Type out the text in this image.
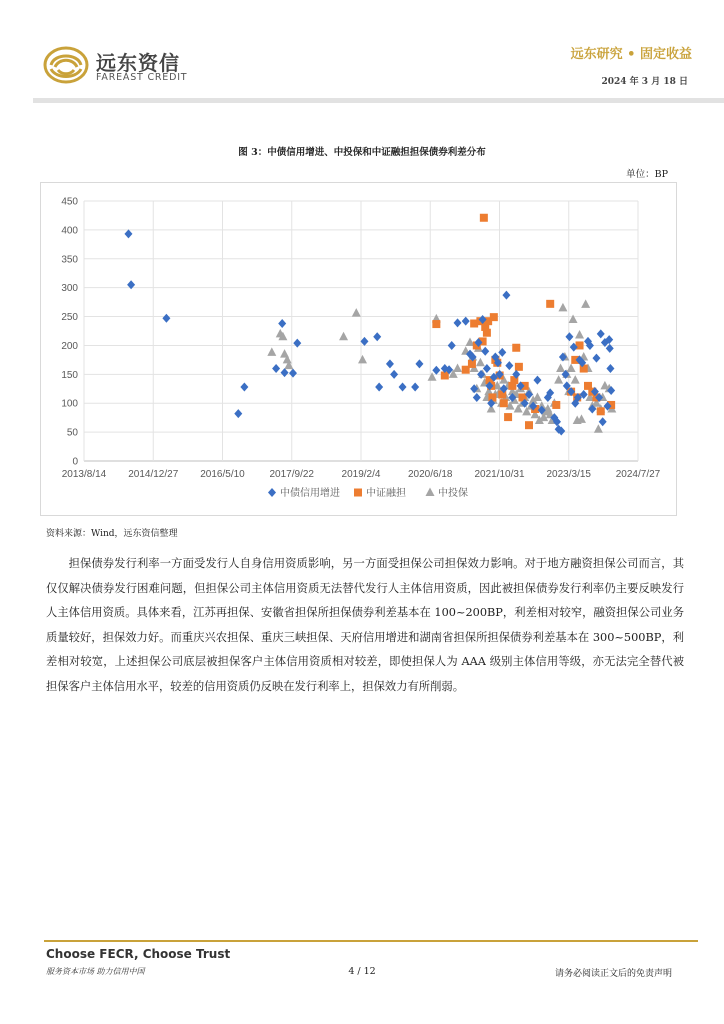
远东资信
FAREAST CREDIT
远东研究 • 固定收益
2024 年 3 月 18 日
图 3：中债信用增进、中投保和中证融担担保债券利差分布
单位：BP
0
50
100
150
200
250
300
350
400
450
2013/8/14 2014/12/27 2016/5/10 2017/9/22	2019/2/4	2020/6/18 2021/10/31 2023/3/15 2024/7/27
中债信用增进	中证融担	中投保
资料来源：Wind，远东资信整理
担保债券发行利率一方面受发行人自身信用资质影响，另一方面受担保公司担保效力影响。对于地方融资担保公司而言，其仅仅解决债券发行困难问题，但担保公司主体信用资质无法替代发行人主体信用资质，因此被担保债券发行利率仍主要反映发行人主体信用资质。具体来看，江苏再担保、安徽省担保所担保债券利差基本在 100~200BP，利差相对较窄，融资担保公司业务质量较好，担保效力好。而重庆兴农担保、重庆三峡担保、天府信用增进和湖南省担保所担保债券利差基本在 300~500BP，利差相对较宽，上述担保公司底层被担保客户主体信用资质相对较差，即使担保人为 AAA 级别主体信用等级，亦无法完全替代被担保客户主体信用水平，较差的信用资质仍反映在发行利率上，担保效力有所削弱。
Choose FECR, Choose Trust
服务资本市场 助力信用中国	4 / 12	请务必阅读正文后的免责声明
